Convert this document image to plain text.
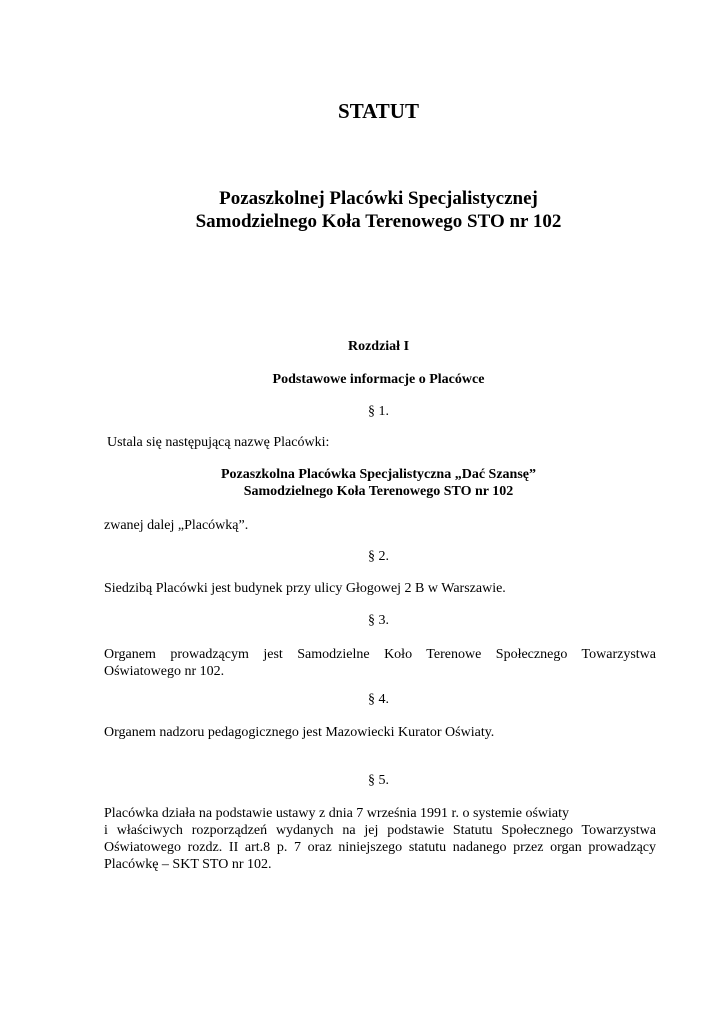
STATUT
Pozaszkolnej Placówki Specjalistycznej
Samodzielnego Koła Terenowego STO nr 102
Rozdział I
Podstawowe informacje o Placówce
§ 1.
Ustala się następującą nazwę Placówki:
Pozaszkolna Placówka Specjalistyczna „Dać Szansę”
Samodzielnego Koła Terenowego STO nr 102
zwanej dalej „Placówką”.
§ 2.
Siedzibą Placówki jest budynek przy ulicy Głogowej 2 B w Warszawie.
§ 3.
Organem prowadzącym jest Samodzielne Koło Terenowe Społecznego Towarzystwa
Oświatowego nr 102.
§ 4.
Organem nadzoru pedagogicznego jest Mazowiecki Kurator Oświaty.
§ 5.
Placówka działa na podstawie ustawy z dnia 7 września 1991 r. o systemie oświaty
i właściwych rozporządzeń wydanych na jej podstawie Statutu Społecznego Towarzystwa
Oświatowego rozdz. II art.8 p. 7 oraz niniejszego statutu nadanego przez organ prowadzący
Placówkę – SKT STO nr 102.
